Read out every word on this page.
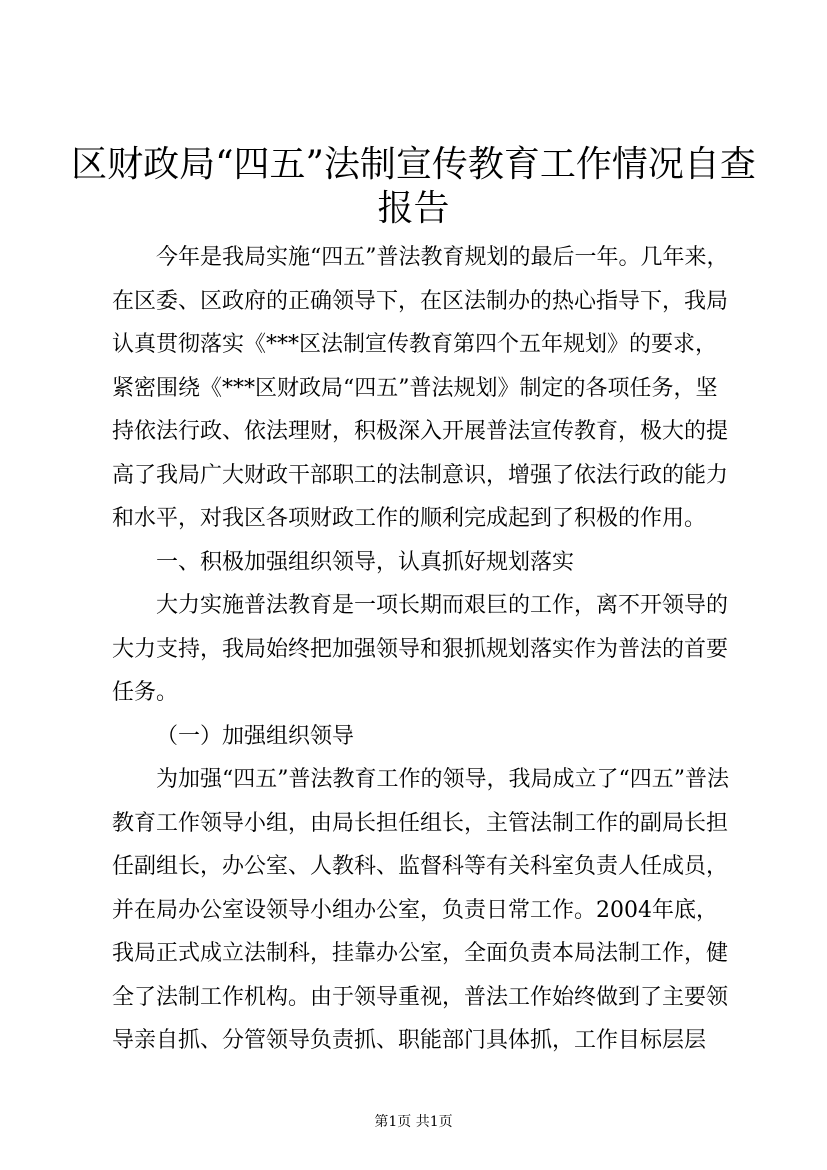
区财政局“四五”法制宣传教育工作情况自查
报告

今年是我局实施“四五”普法教育规划的最后一年。几年来，在区委、区政府的正确领导下，在区法制办的热心指导下，我局认真贯彻落实《***区法制宣传教育第四个五年规划》的要求，紧密围绕《***区财政局“四五”普法规划》制定的各项任务，坚持依法行政、依法理财，积极深入开展普法宣传教育，极大的提高了我局广大财政干部职工的法制意识，增强了依法行政的能力和水平，对我区各项财政工作的顺利完成起到了积极的作用。

一、积极加强组织领导，认真抓好规划落实

大力实施普法教育是一项长期而艰巨的工作，离不开领导的大力支持，我局始终把加强领导和狠抓规划落实作为普法的首要任务。

（一）加强组织领导

为加强“四五”普法教育工作的领导，我局成立了“四五”普法教育工作领导小组，由局长担任组长，主管法制工作的副局长担任副组长，办公室、人教科、监督科等有关科室负责人任成员，并在局办公室设领导小组办公室，负责日常工作。2004年底，我局正式成立法制科，挂靠办公室，全面负责本局法制工作，健全了法制工作机构。由于领导重视，普法工作始终做到了主要领导亲自抓、分管领导负责抓、职能部门具体抓，工作目标层层

第1页 共1页
